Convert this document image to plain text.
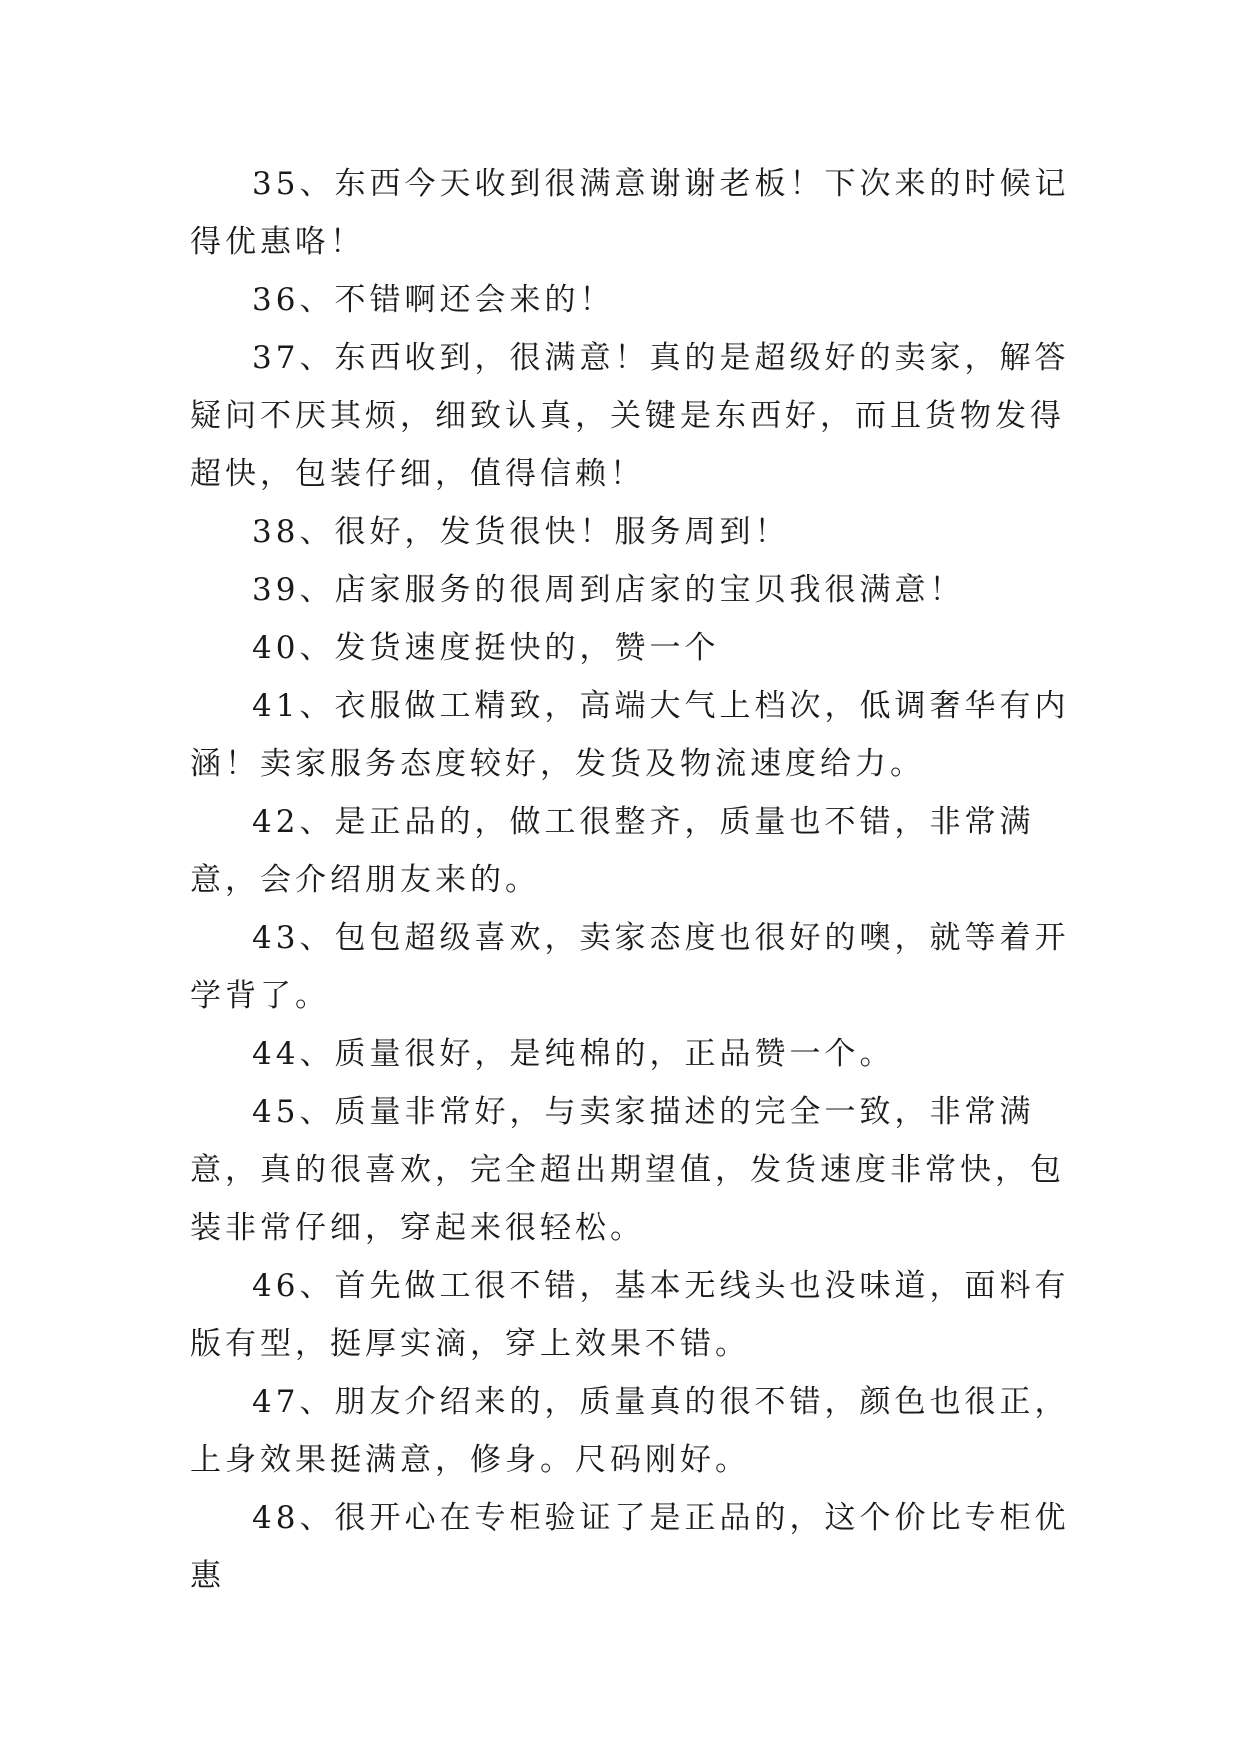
35、东西今天收到很满意谢谢老板！下次来的时候记得优惠咯！

36、不错啊还会来的！

37、东西收到，很满意！真的是超级好的卖家，解答疑问不厌其烦，细致认真，关键是东西好，而且货物发得超快，包装仔细，值得信赖！

38、很好，发货很快！服务周到！

39、店家服务的很周到店家的宝贝我很满意！

40、发货速度挺快的，赞一个

41、衣服做工精致，高端大气上档次，低调奢华有内涵！卖家服务态度较好，发货及物流速度给力。

42、是正品的，做工很整齐，质量也不错，非常满意，会介绍朋友来的。

43、包包超级喜欢，卖家态度也很好的噢，就等着开学背了。

44、质量很好，是纯棉的，正品赞一个。

45、质量非常好，与卖家描述的完全一致，非常满意，真的很喜欢，完全超出期望值，发货速度非常快，包装非常仔细，穿起来很轻松。

46、首先做工很不错，基本无线头也没味道，面料有版有型，挺厚实滴，穿上效果不错。

47、朋友介绍来的，质量真的很不错，颜色也很正，上身效果挺满意，修身。尺码刚好。

48、很开心在专柜验证了是正品的，这个价比专柜优惠
